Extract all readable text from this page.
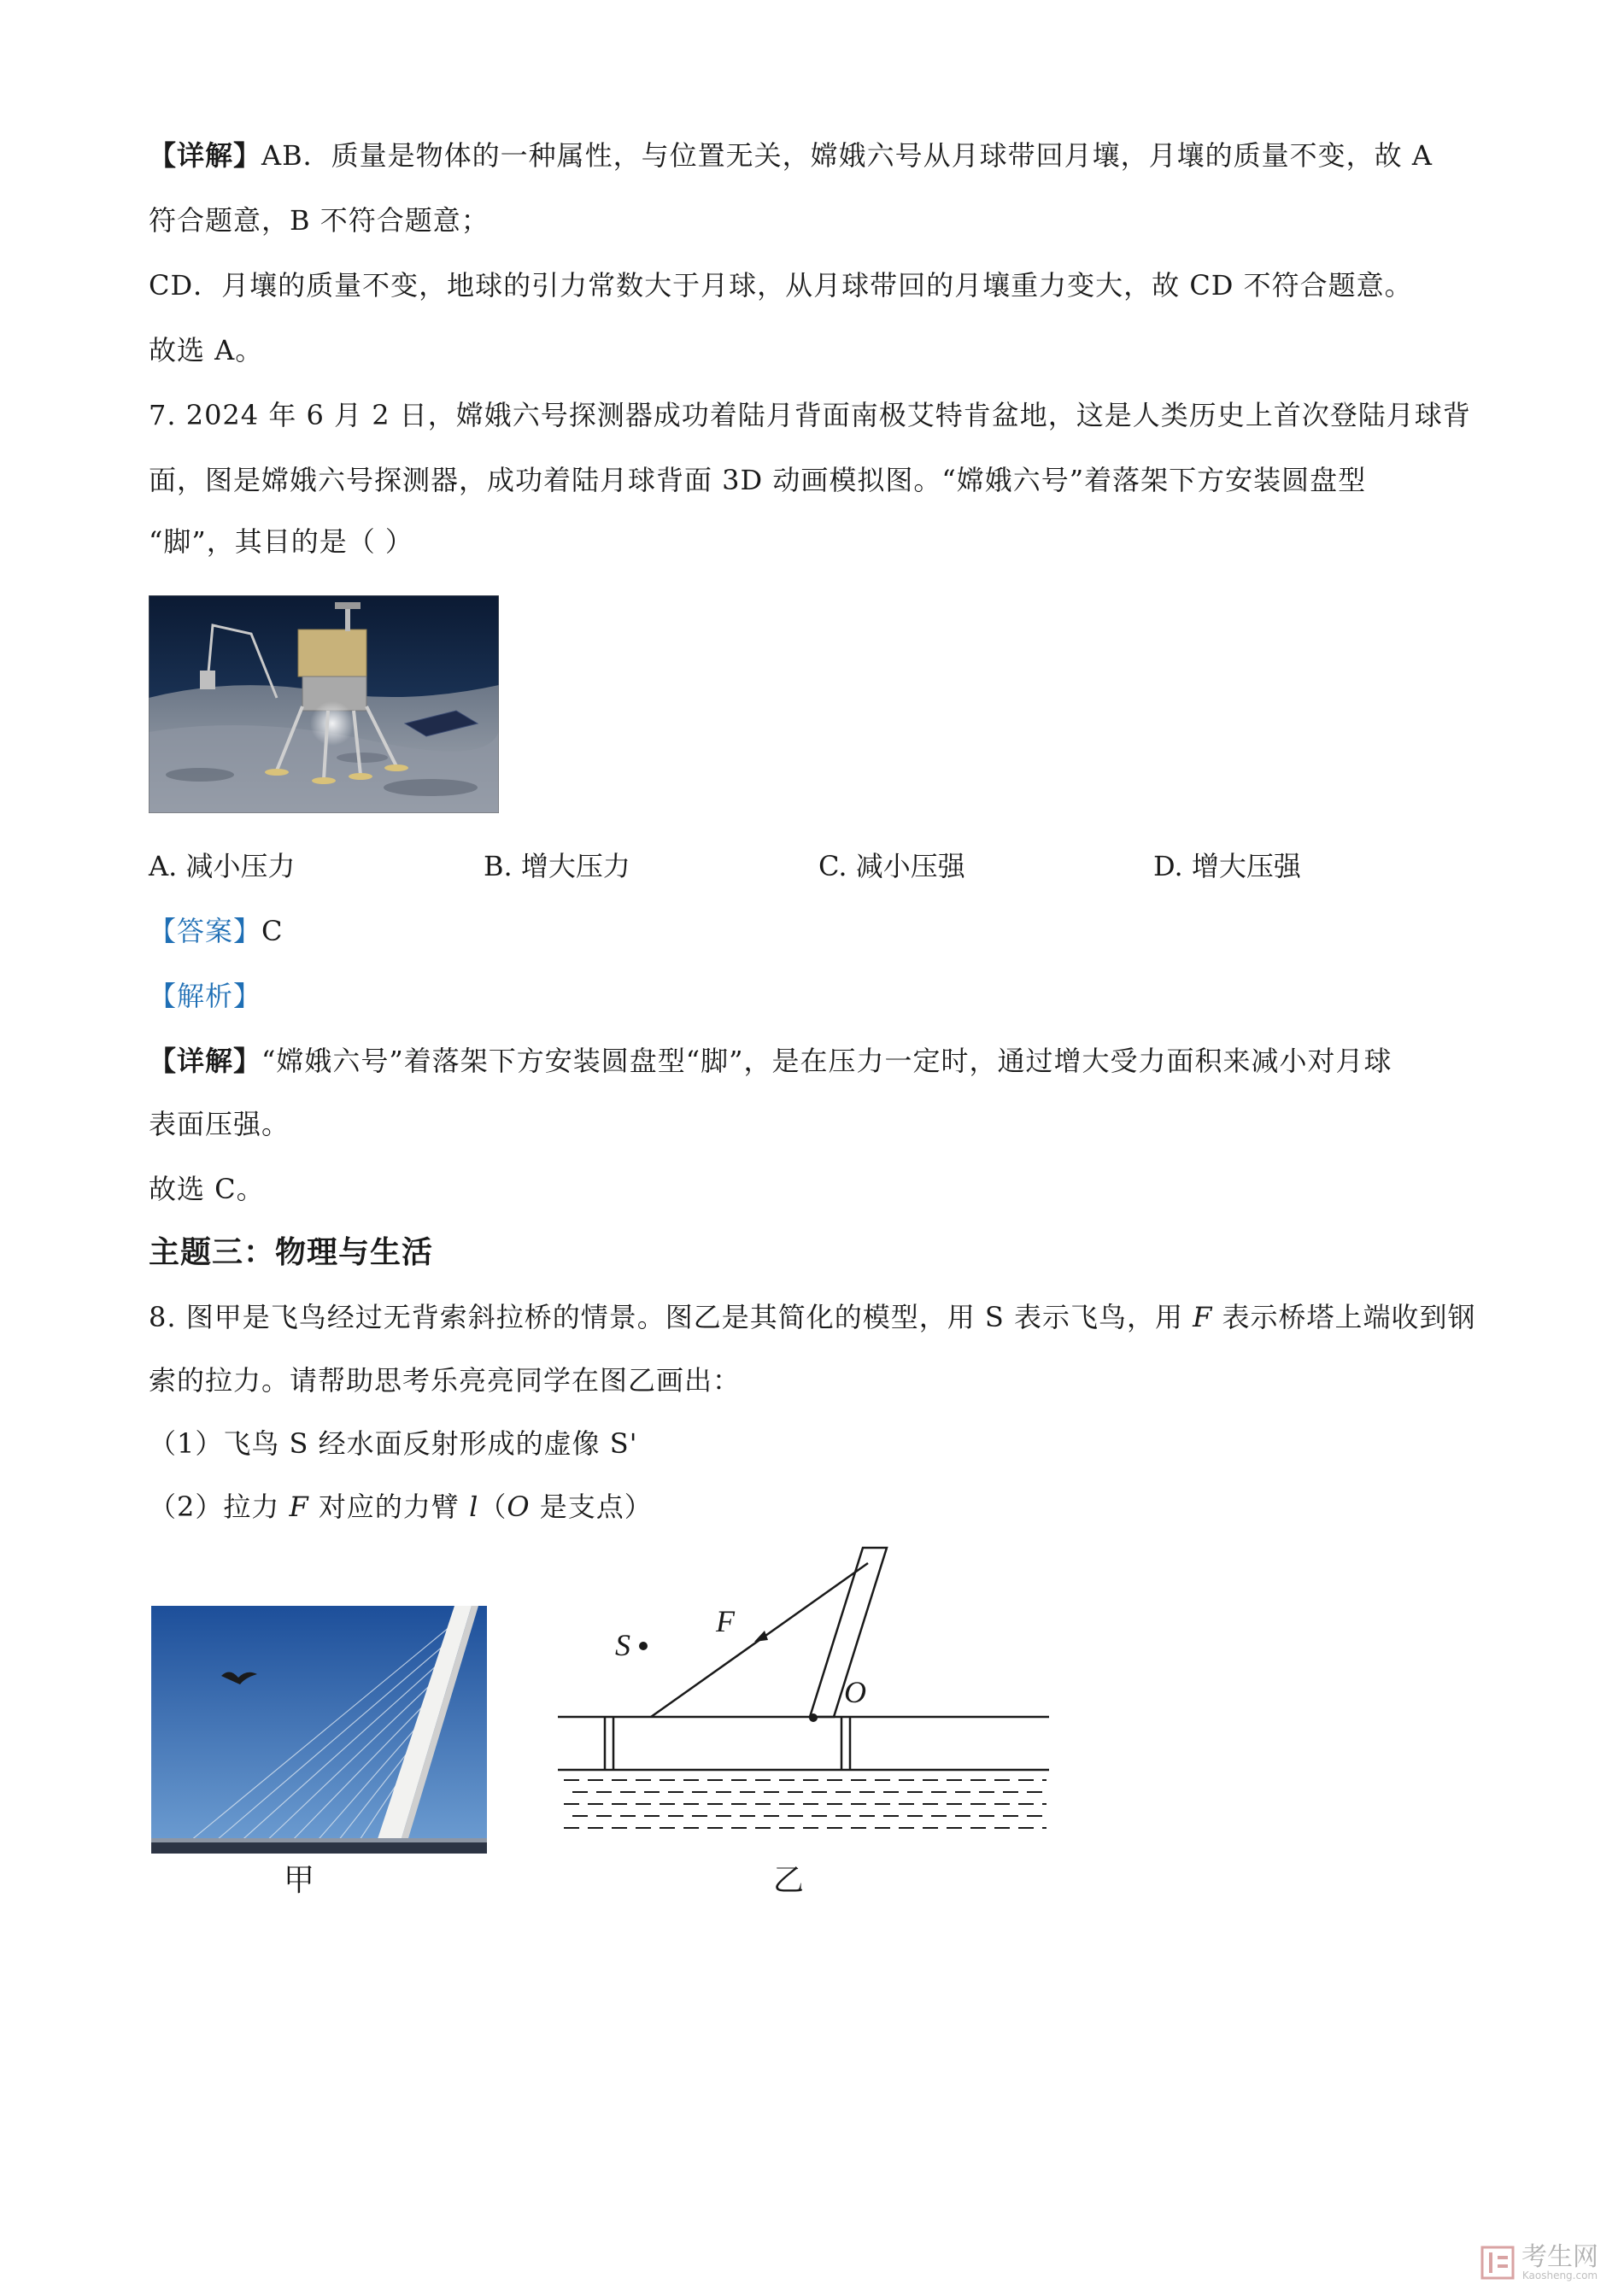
【详解】AB．质量是物体的一种属性，与位置无关，嫦娥六号从月球带回月壤，月壤的质量不变，故 A
符合题意，B 不符合题意；
CD．月壤的质量不变，地球的引力常数大于月球，从月球带回的月壤重力变大，故 CD 不符合题意。
故选 A。
7. 2024 年 6 月 2 日，嫦娥六号探测器成功着陆月背面南极艾特肯盆地，这是人类历史上首次登陆月球背
面，图是嫦娥六号探测器，成功着陆月球背面 3D 动画模拟图。“嫦娥六号”着落架下方安装圆盘型
“脚”，其目的是（ ）
A. 减小压力	B. 增大压力	C. 减小压强	D. 增大压强
【答案】C
【解析】
【详解】“嫦娥六号”着落架下方安装圆盘型“脚”，是在压力一定时，通过增大受力面积来减小对月球
表面压强。
故选 C。
主题三：物理与生活
8. 图甲是飞鸟经过无背索斜拉桥的情景。图乙是其简化的模型，用 S 表示飞鸟，用 F 表示桥塔上端收到钢
索的拉力。请帮助思考乐亮亮同学在图乙画出：
（1）飞鸟 S 经水面反射形成的虚像 S'
（2）拉力 F 对应的力臂 l（O 是支点）
甲
S
F
O
乙
考生网
Kaosheng.com
